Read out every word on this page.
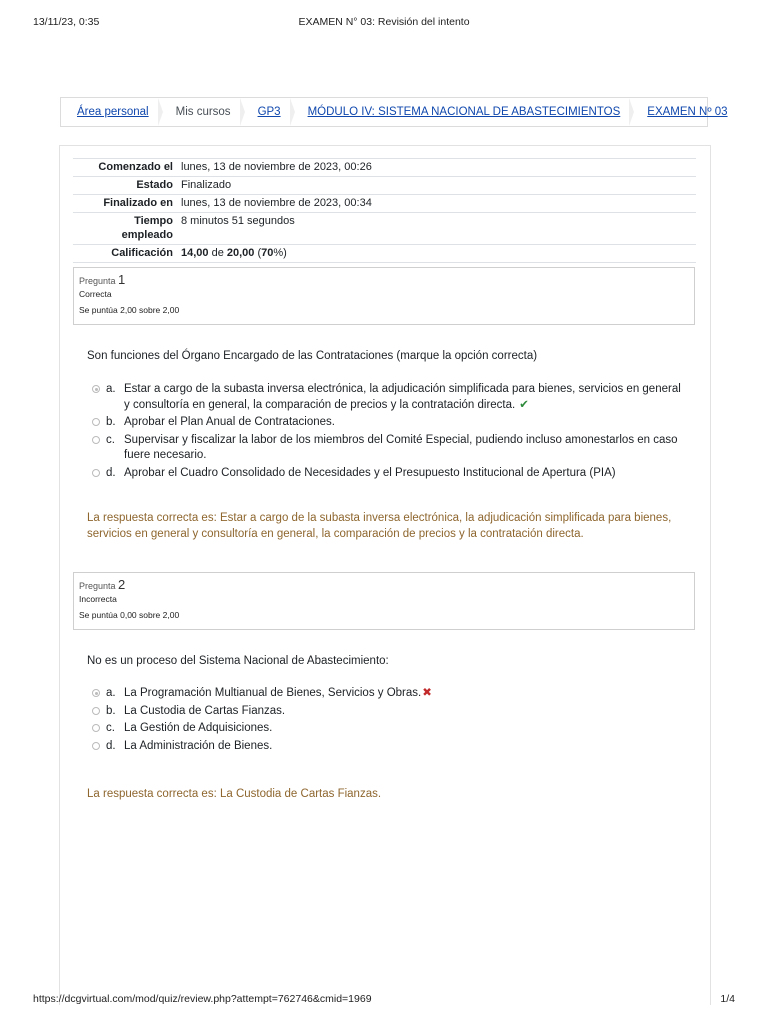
13/11/23, 0:35	EXAMEN N° 03: Revisión del intento
Área personal Mis cursos GP3 MÓDULO IV: SISTEMA NACIONAL DE ABASTECIMIENTOS EXAMEN Nº 03
Comenzado el	lunes, 13 de noviembre de 2023, 00:26
Estado	Finalizado
Finalizado en	lunes, 13 de noviembre de 2023, 00:34
Tiempo
empleado	8 minutos 51 segundos
Calificación	14,00 de 20,00 (70%)
Pregunta 1
Correcta
Se puntúa 2,00 sobre 2,00
Son funciones del Órgano Encargado de las Contrataciones (marque la opción correcta)
a. Estar a cargo de la subasta inversa electrónica, la adjudicación simplificada para bienes, servicios en general y consultoría en general, la comparación de precios y la contratación directa. ✔
b. Aprobar el Plan Anual de Contrataciones.
c. Supervisar y fiscalizar la labor de los miembros del Comité Especial, pudiendo incluso amonestarlos en caso fuere necesario.
d. Aprobar el Cuadro Consolidado de Necesidades y el Presupuesto Institucional de Apertura (PIA)
La respuesta correcta es: Estar a cargo de la subasta inversa electrónica, la adjudicación simplificada para bienes, servicios en general y consultoría en general, la comparación de precios y la contratación directa.
Pregunta 2
Incorrecta
Se puntúa 0,00 sobre 2,00
No es un proceso del Sistema Nacional de Abastecimiento:
a. La Programación Multianual de Bienes, Servicios y Obras.✖
b. La Custodia de Cartas Fianzas.
c. La Gestión de Adquisiciones.
d. La Administración de Bienes.
La respuesta correcta es: La Custodia de Cartas Fianzas.
https://dcgvirtual.com/mod/quiz/review.php?attempt=762746&cmid=1969	1/4
